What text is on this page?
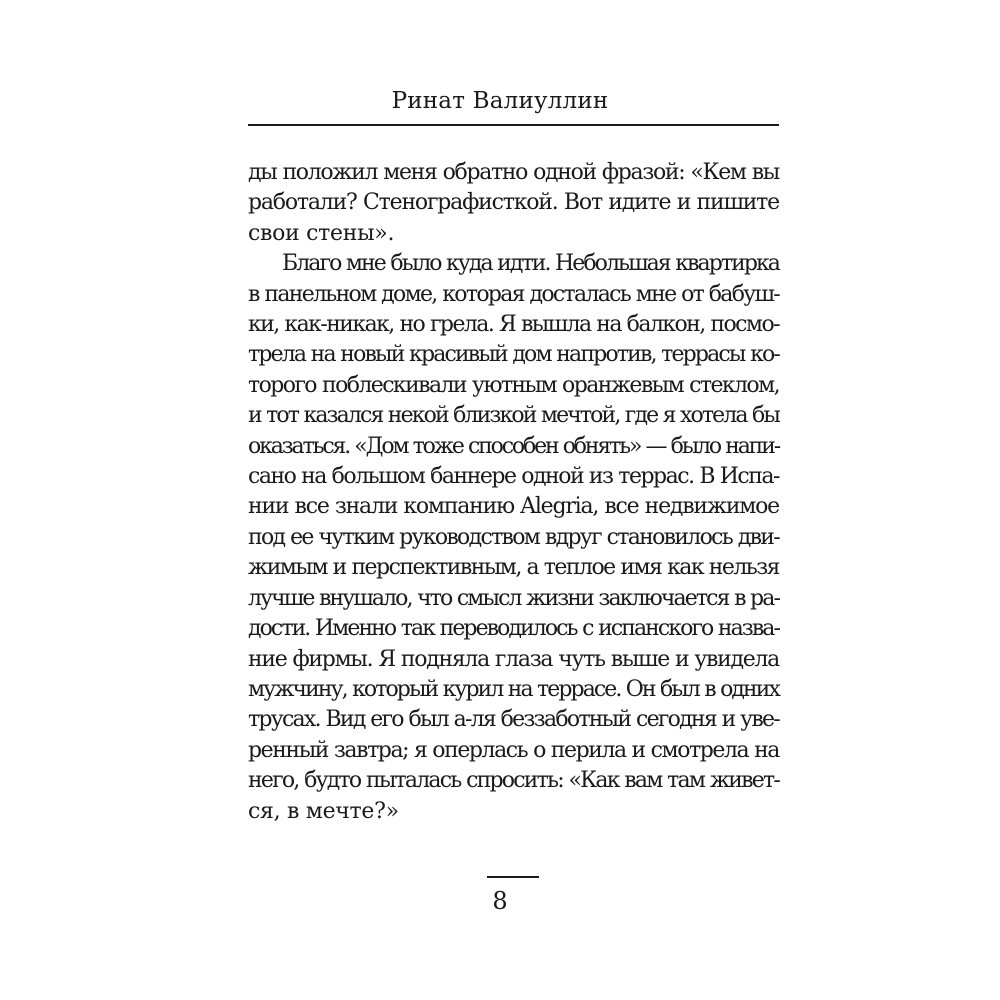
Ринат Валиуллин
ды положил меня обратно одной фразой: «Кем вы
работали? Стенографисткой. Вот идите и пишите
свои стены».
Благо мне было куда идти. Небольшая квартирка
в панельном доме, которая досталась мне от бабуш-
ки, как-никак, но грела. Я вышла на балкон, посмо-
трела на новый красивый дом напротив, террасы ко-
торого поблескивали уютным оранжевым стеклом,
и тот казался некой близкой мечтой, где я хотела бы
оказаться. «Дом тоже способен обнять» — было напи-
сано на большом баннере одной из террас. В Испа-
нии все знали компанию Alegria, все недвижимое
под ее чутким руководством вдруг становилось дви-
жимым и перспективным, а теплое имя как нельзя
лучше внушало, что смысл жизни заключается в ра-
дости. Именно так переводилось с испанского назва-
ние фирмы. Я подняла глаза чуть выше и увидела
мужчину, который курил на террасе. Он был в одних
трусах. Вид его был а-ля беззаботный сегодня и уве-
ренный завтра; я оперлась о перила и смотрела на
него, будто пыталась спросить: «Как вам там живет-
ся, в мечте?»
8
